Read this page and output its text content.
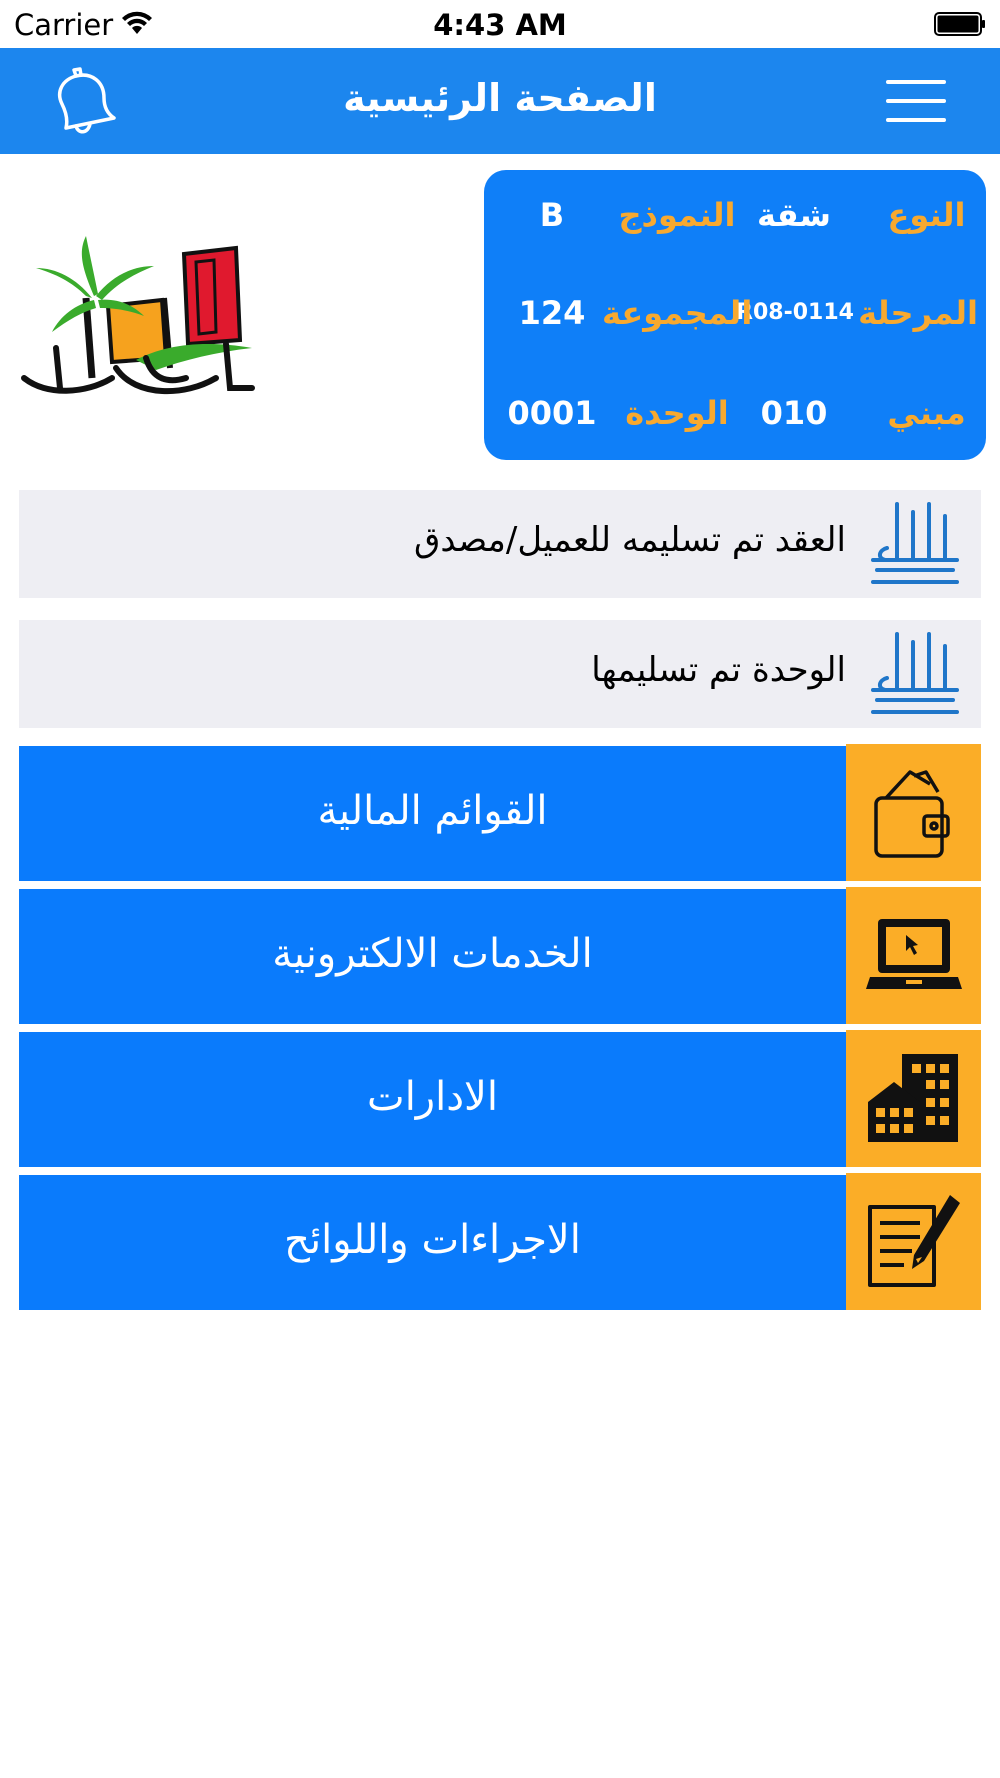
Carrier	4:43 AM
الصفحة الرئيسية
النوع
شقة
النموذج
B
المرحلة
R08-0114
المجموعة
124
مبني
010
الوحدة
0001
العقد تم تسليمه للعميل/مصدق
الوحدة تم تسليمها
القوائم المالية
الخدمات الالكترونية
الادارات
الاجراءات واللوائح
